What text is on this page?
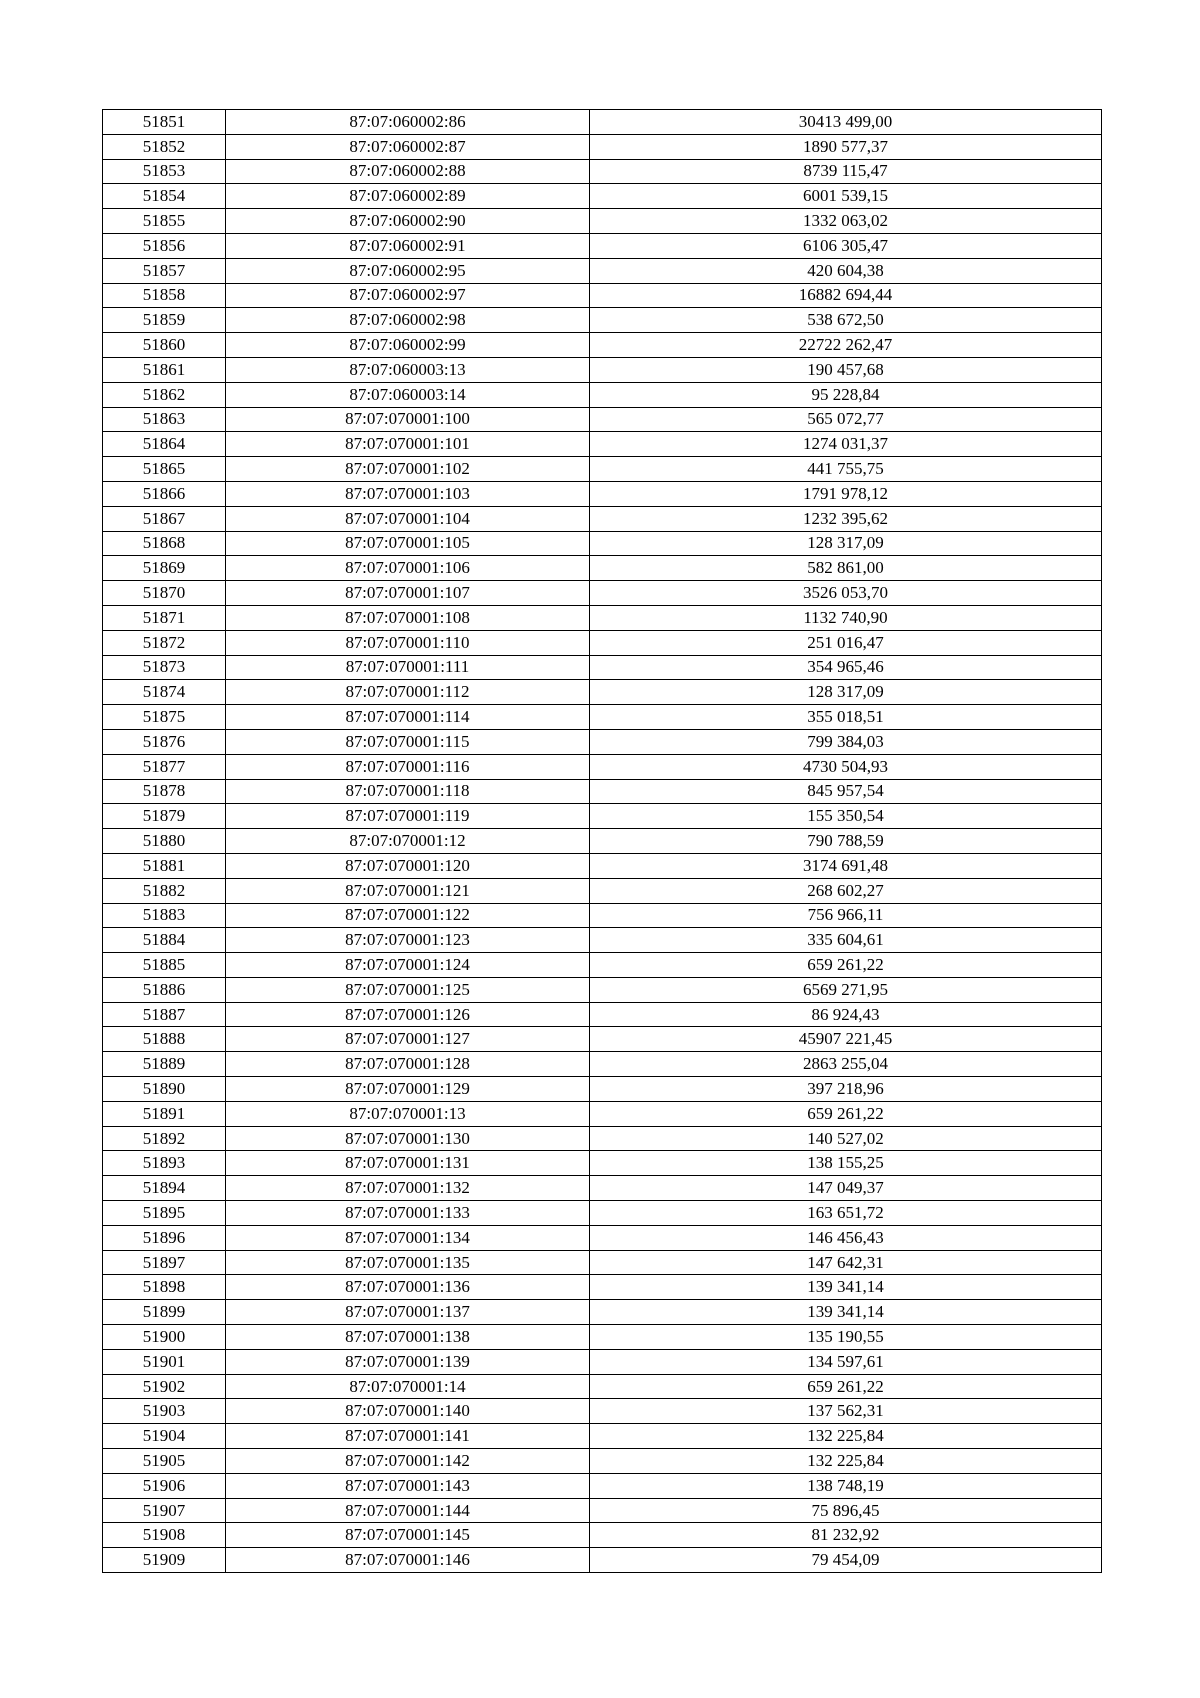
51851	87:07:060002:86	30413 499,00
51852	87:07:060002:87	1890 577,37
51853	87:07:060002:88	8739 115,47
51854	87:07:060002:89	6001 539,15
51855	87:07:060002:90	1332 063,02
51856	87:07:060002:91	6106 305,47
51857	87:07:060002:95	420 604,38
51858	87:07:060002:97	16882 694,44
51859	87:07:060002:98	538 672,50
51860	87:07:060002:99	22722 262,47
51861	87:07:060003:13	190 457,68
51862	87:07:060003:14	95 228,84
51863	87:07:070001:100	565 072,77
51864	87:07:070001:101	1274 031,37
51865	87:07:070001:102	441 755,75
51866	87:07:070001:103	1791 978,12
51867	87:07:070001:104	1232 395,62
51868	87:07:070001:105	128 317,09
51869	87:07:070001:106	582 861,00
51870	87:07:070001:107	3526 053,70
51871	87:07:070001:108	1132 740,90
51872	87:07:070001:110	251 016,47
51873	87:07:070001:111	354 965,46
51874	87:07:070001:112	128 317,09
51875	87:07:070001:114	355 018,51
51876	87:07:070001:115	799 384,03
51877	87:07:070001:116	4730 504,93
51878	87:07:070001:118	845 957,54
51879	87:07:070001:119	155 350,54
51880	87:07:070001:12	790 788,59
51881	87:07:070001:120	3174 691,48
51882	87:07:070001:121	268 602,27
51883	87:07:070001:122	756 966,11
51884	87:07:070001:123	335 604,61
51885	87:07:070001:124	659 261,22
51886	87:07:070001:125	6569 271,95
51887	87:07:070001:126	86 924,43
51888	87:07:070001:127	45907 221,45
51889	87:07:070001:128	2863 255,04
51890	87:07:070001:129	397 218,96
51891	87:07:070001:13	659 261,22
51892	87:07:070001:130	140 527,02
51893	87:07:070001:131	138 155,25
51894	87:07:070001:132	147 049,37
51895	87:07:070001:133	163 651,72
51896	87:07:070001:134	146 456,43
51897	87:07:070001:135	147 642,31
51898	87:07:070001:136	139 341,14
51899	87:07:070001:137	139 341,14
51900	87:07:070001:138	135 190,55
51901	87:07:070001:139	134 597,61
51902	87:07:070001:14	659 261,22
51903	87:07:070001:140	137 562,31
51904	87:07:070001:141	132 225,84
51905	87:07:070001:142	132 225,84
51906	87:07:070001:143	138 748,19
51907	87:07:070001:144	75 896,45
51908	87:07:070001:145	81 232,92
51909	87:07:070001:146	79 454,09
